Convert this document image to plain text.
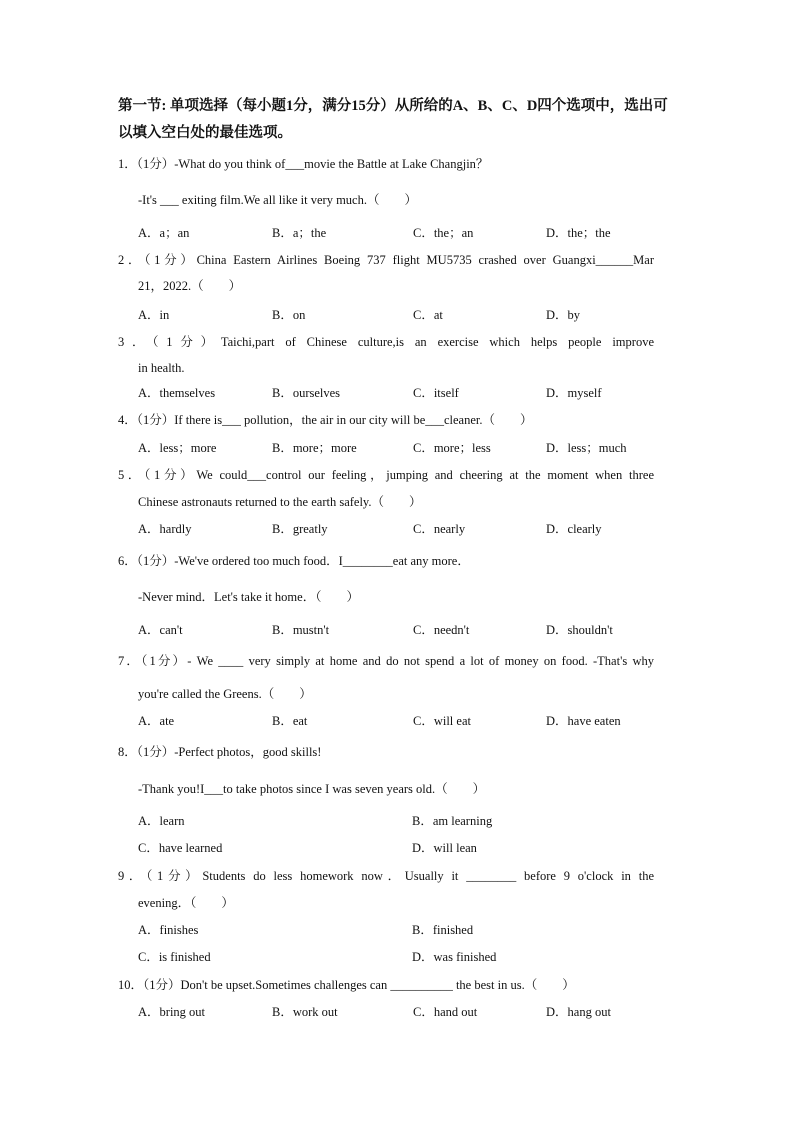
第一节: 单项选择（每小题1分，满分15分）从所给的A、B、C、D四个选项中，选出可以填入空白处的最佳选项。
1．（1分）-What do you think of___movie the Battle at Lake Changjin？
-It's ___ exiting film.We all like it very much.（　　）
A．a；an	B．a；the	C．the；an	D．the；the
2．（1分）China Eastern Airlines Boeing 737 flight MU5735 crashed over Guangxi______Mar
21，2022.（　　）
A．in	B．on	C．at	D．by
3．（1分）Taichi,part of Chinese culture,is an exercise which helps people improve
in health.
A．themselves	B．ourselves	C．itself	D．myself
4．（1分）If there is___ pollution，the air in our city will be___cleaner.（　　）
A．less；more	B．more；more	C．more；less	D．less；much
5．（1分）We could___control our feeling，jumping and cheering at the moment when three
Chinese astronauts returned to the earth safely.（　　）
A．hardly	B．greatly	C．nearly	D．clearly
6．（1分）-We've ordered too much food．I________eat any more．
-Never mind．Let's take it home．（　　）
A．can't	B．mustn't	C．needn't	D．shouldn't
7．（1分）- We ____ very simply at home and do not spend a lot of money on food. -That's why
you're called the Greens.（　　）
A．ate	B．eat	C．will eat	D．have eaten
8．（1分）-Perfect photos，good skills!
-Thank you!I___to take photos since I was seven years old.（　　）
A．learn	B．am learning
C．have learned	D．will lean
9．（1分）Students do less homework now．Usually it ________ before 9 o'clock in the
evening．（　　）
A．finishes	B．finished
C．is finished	D．was finished
10．（1分）Don't be upset.Sometimes challenges can __________ the best in us.（　　）
A．bring out	B．work out	C．hand out	D．hang out
